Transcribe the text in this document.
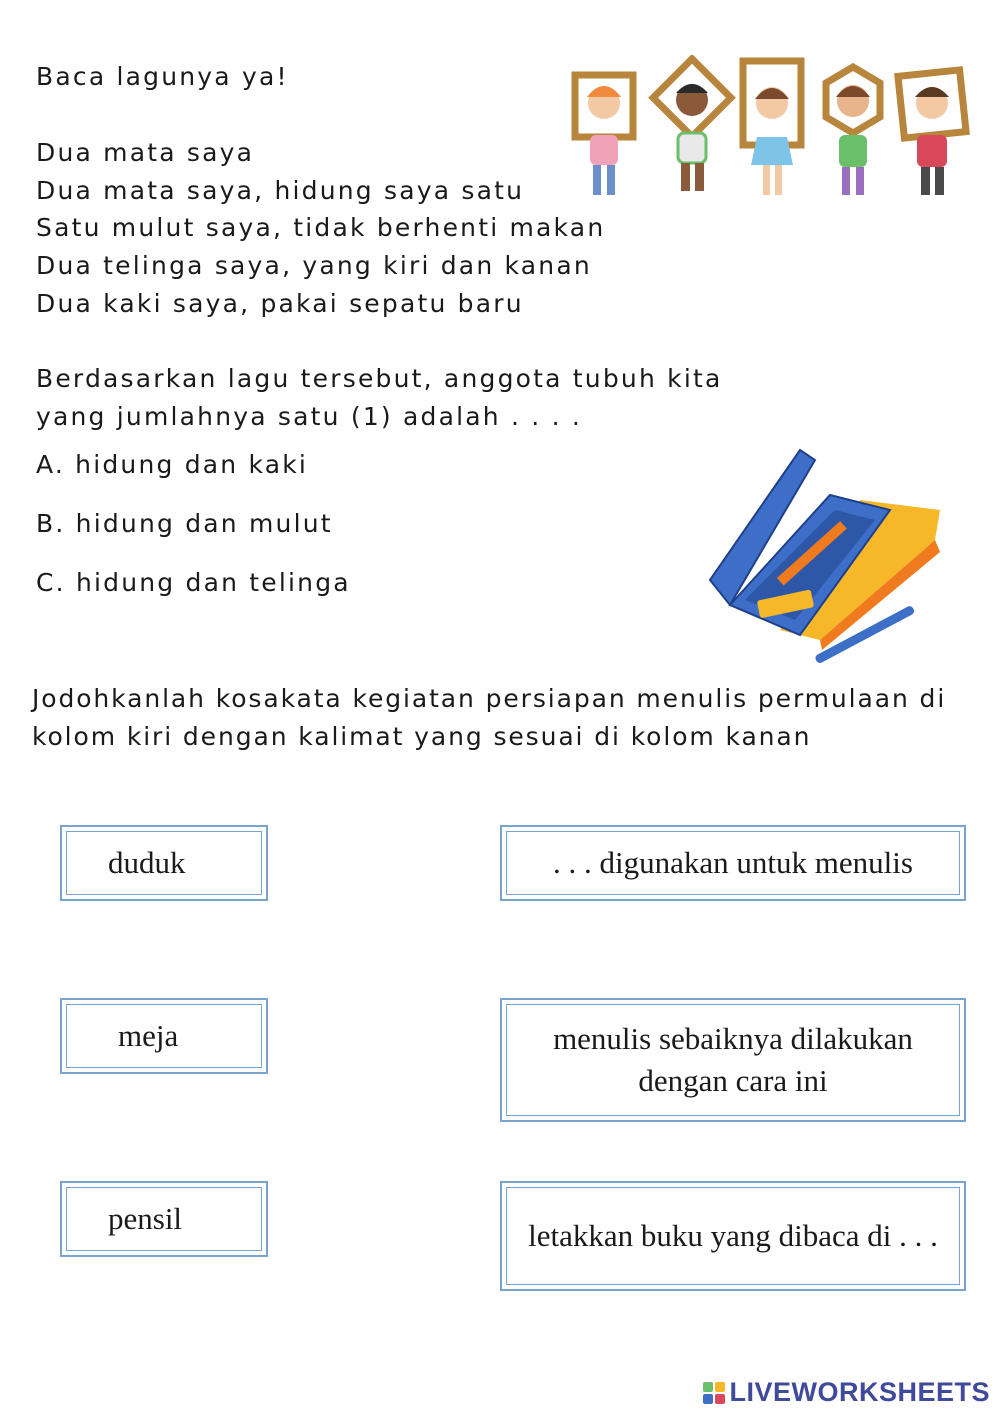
Baca lagunya ya!
Dua mata saya
Dua mata saya, hidung saya satu
Satu mulut saya, tidak berhenti makan
Dua telinga saya, yang kiri dan kanan
Dua kaki saya, pakai sepatu baru
Berdasarkan lagu tersebut, anggota tubuh kita
yang jumlahnya satu (1) adalah . . . .
A. hidung dan kaki
B. hidung dan mulut
C. hidung dan telinga
Jodohkanlah kosakata kegiatan persiapan menulis permulaan di
kolom kiri dengan kalimat yang sesuai di kolom kanan
duduk
meja
pensil
. . . digunakan untuk menulis
menulis sebaiknya dilakukan dengan cara ini
letakkan buku yang dibaca di . . .
LIVEWORKSHEETS
